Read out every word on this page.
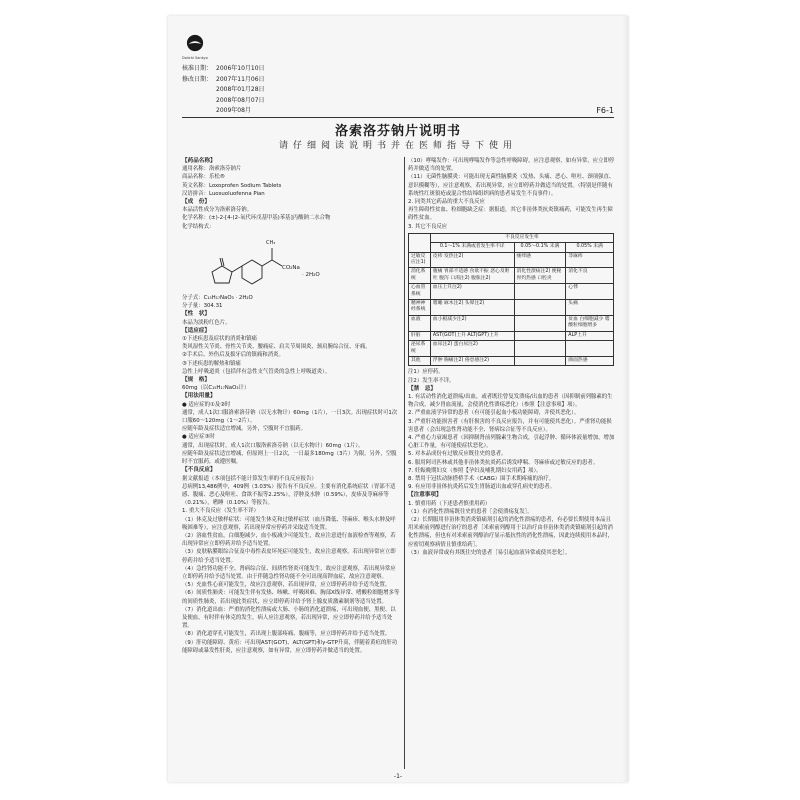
Daiichi Sankyo
核准日期： 2006年10月10日
修改日期： 2007年11月06日
2008年01月28日
2008年08月07日
2009年08月	F6-1
洛索洛芬钠片说明书
请仔细阅读说明书并在医师指导下使用
【药品名称】
通用名称：洛索洛芬钠片
商品名称：乐松®
英文名称：Loxoprofen Sodium Tablets
汉语拼音：Luosuoluofenna Pian
【成　份】
本品活性成分为洛索洛芬钠。
化学名称：(±)-2-[4-(2-氧代环戊基甲基)苯基]丙酸钠二水合物
化学结构式：
CH₃
CO₂Na
· 2H₂O
分子式：C₁₅H₁₇NaO₃ · 2H₂O
分子量：304.31
【性　状】
本品为淡粉红色片。
【适应症】
①下述疾患及症状的消炎和镇痛
类风湿性关节炎、骨性关节炎、腰痛症、肩关节周围炎、颈肩腕综合征、牙痛。
②手术后、外伤后及拔牙后的镇痛和消炎。
③下述疾患的解热和镇痛
急性上呼吸道炎（包括伴有急性支气管炎的急性上呼吸道炎）。
【规　格】
60mg（以C₁₅H₁₇NaO₃计）
【用法用量】
● 适应症的①及②时
通常，成人1次口服洛索洛芬钠（以无水物计）60mg（1片），一日3次。出现症状时可1次口服60～120mg（1～2片）。
应随年龄及症状适宜增减。另外，空腹时不宜服药。
● 适应症③时
通常，出现症状时，成人1次口服洛索洛芬钠（以无水物计）60mg（1片）。
应随年龄及症状适宜增减，但原则上一日2次，一日最多180mg（3片）为限。另外，空腹时不宜服药，或遵医嘱。
【不良反应】
据文献报道（本项包括不能计算发生率的不良反应报告）
总病例13,486例中，409例（3.03%）报告有不良反应。主要有消化系统症状（胃部不适感、腹痛、恶心及呕吐、食欲不振等2.25%），浮肿及水肿（0.59%），皮疹及荨麻疹等（0.21%），嗜睡（0.10%）等报告。
1. 重大不良反应（发生率不详）
（1）休克及过敏样症状：可能发生休克和过敏样症状（血压降低、荨麻疹、喉头水肿及呼吸困难等），应注意观察，若出现异常应停药并采取适当处置。
（2）溶血性贫血，白细胞减少，血小板减少可能发生，故应注意进行血液检查等观察，若出现异常应立即停药并给予适当处置。
（3）皮肤粘膜眼综合征及中毒性表皮坏死症可能发生，故应注意观察，若出现异常应立即停药并给予适当处置。
（4）急性肾功能不全、肾病综合征、间质性肾炎可能发生，故应注意观察，若出现异常应立即停药并给予适当处置。由于伴随急性肾功能不全可出现高钾血症，故应注意观察。
（5）充血性心衰可能发生，故应注意观察，若出现异常，应立即停药并给予适当处置。
（6）间质性肺炎：可能发生伴有发热、咳嗽、呼吸困难、胸部X线异常、嗜酸粒细胞增多等的间质性肺炎，若出现此类症状，应立即停药并给予肾上腺皮质激素制剂等适当处置。
（7）消化道出血：严重的消化性溃疡或大肠、小肠的消化道溃疡，可出现血便、黑便、以及便血，有时伴有休克的发生，病人应注意观察，若出现异常，应立即停药并给予适当处置。
（8）消化道穿孔可能发生，若出现上腹部疼痛、腹痛等，应立即停药并给予适当处置。
（9）肝功能障碍、黄疸：可出现AST(GOT)、ALT(GPT)和γ-GTP升高，伴随着黄疸的肝功能障碍或暴发性肝炎，应注意观察，如有异常，应立即停药并做适当的处置。
（10）哮喘发作：可出现哮喘发作等急性呼吸障碍，应注意观察，如有异常，应立即停药并做适当的处置。
（11）无菌性脑膜炎：可能出现无菌性脑膜炎（发热、头痛、恶心、呕吐、颈项强直、意识模糊等），应注意观察，若出现异常，应立即停药并做适当的处置。（特别是伴随有系统性红斑狼疮或混合性结缔组织病的患者易发生不良事件）。
2. 同类其它药品的重大不良反应
再生障碍性贫血、粒细胞缺乏症：据报道，其它非甾体类抗炎镇痛药，可能发生再生障碍性贫血。
3. 其它不良反应
	不良反应发生率		
	0.1～1% 未满或者发生率不详	0.05～0.1% 未满	0.05% 未满
过敏反应注1)	皮疹 发热注2)	瘙痒感	荨麻疹
消化系统	腹痛 胃部不适感 食欲不振 恶心及呕吐 腹泻 口渴注2) 腹胀注2)	消化性溃疡注2) 便秘 胃灼热感 口腔炎	消化不良
心血管系统	血压上升注2)		心悸
精神神经系统	嗜睡 麻木注2) 头晕注2)		头痛
血液	血小板减少注2)		贫血 白细胞减少 嗜酸粒细胞增多
肝脏	AST(GOT)上升 ALT(GPT)上升		ALP上升
泌尿系统	血尿注2) 蛋白尿注2)		
其他	浮肿 胸痛注2) 倦怠感注2)		颜面热感
注1）应停药。
注2）发生率不详。
【禁　忌】
1. 有活动性消化道溃疡/出血，或者既往曾复发溃疡/出血的患者（因抑制前列腺素的生物合成，减少胃血流量，会使消化性溃疡恶化）（参照【注意事项】项）。
2. 严重血液学异常的患者（有可能引起血小板功能障碍，并使其恶化）。
3. 严重肝功能损害者（有肝损害的不良反应报告，并有可能使其恶化）。严重肾功能损害患者（会出现急性肾功能不全、肾病综合征等不良反应）。
4. 严重心力衰竭患者（因抑制肾前列腺素生物合成，引起浮肿、循环体液量增加，增加心脏工作量，有可能使症状恶化）。
5. 对本品成份有过敏反应既往史的患者。
6. 服用阿司匹林或其他非甾体类抗炎药后诱发哮喘、荨麻疹或过敏反应的患者。
7. 妊娠晚期妇女（参照【孕妇及哺乳期妇女用药】项）。
8. 禁用于冠状动脉搭桥手术（CABG）围手术期疼痛的治疗。
9. 有应用非甾体抗炎药后发生胃肠道出血或穿孔病史的患者。
【注意事项】
1. 慎重用药（下述患者慎重用药）
（1）有消化性溃疡既往史的患者［会使溃疡复发］。
（2）长期服用非甾体类消炎镇痛剂引起的消化性溃疡的患者，有必要长期使用本品且用米索前列醇进行治疗的患者［米索前列醇用于以治疗由非甾体类消炎镇痛剂引起的消化性溃疡，但也有对米索前列醇治疗显示抵抗性的消化性溃疡，因此连续使用本品时，应密切观察病情且慎重给药］。
（3）血液异常或有其既往史的患者［易引起血液异常或使其恶化］。
-1-
